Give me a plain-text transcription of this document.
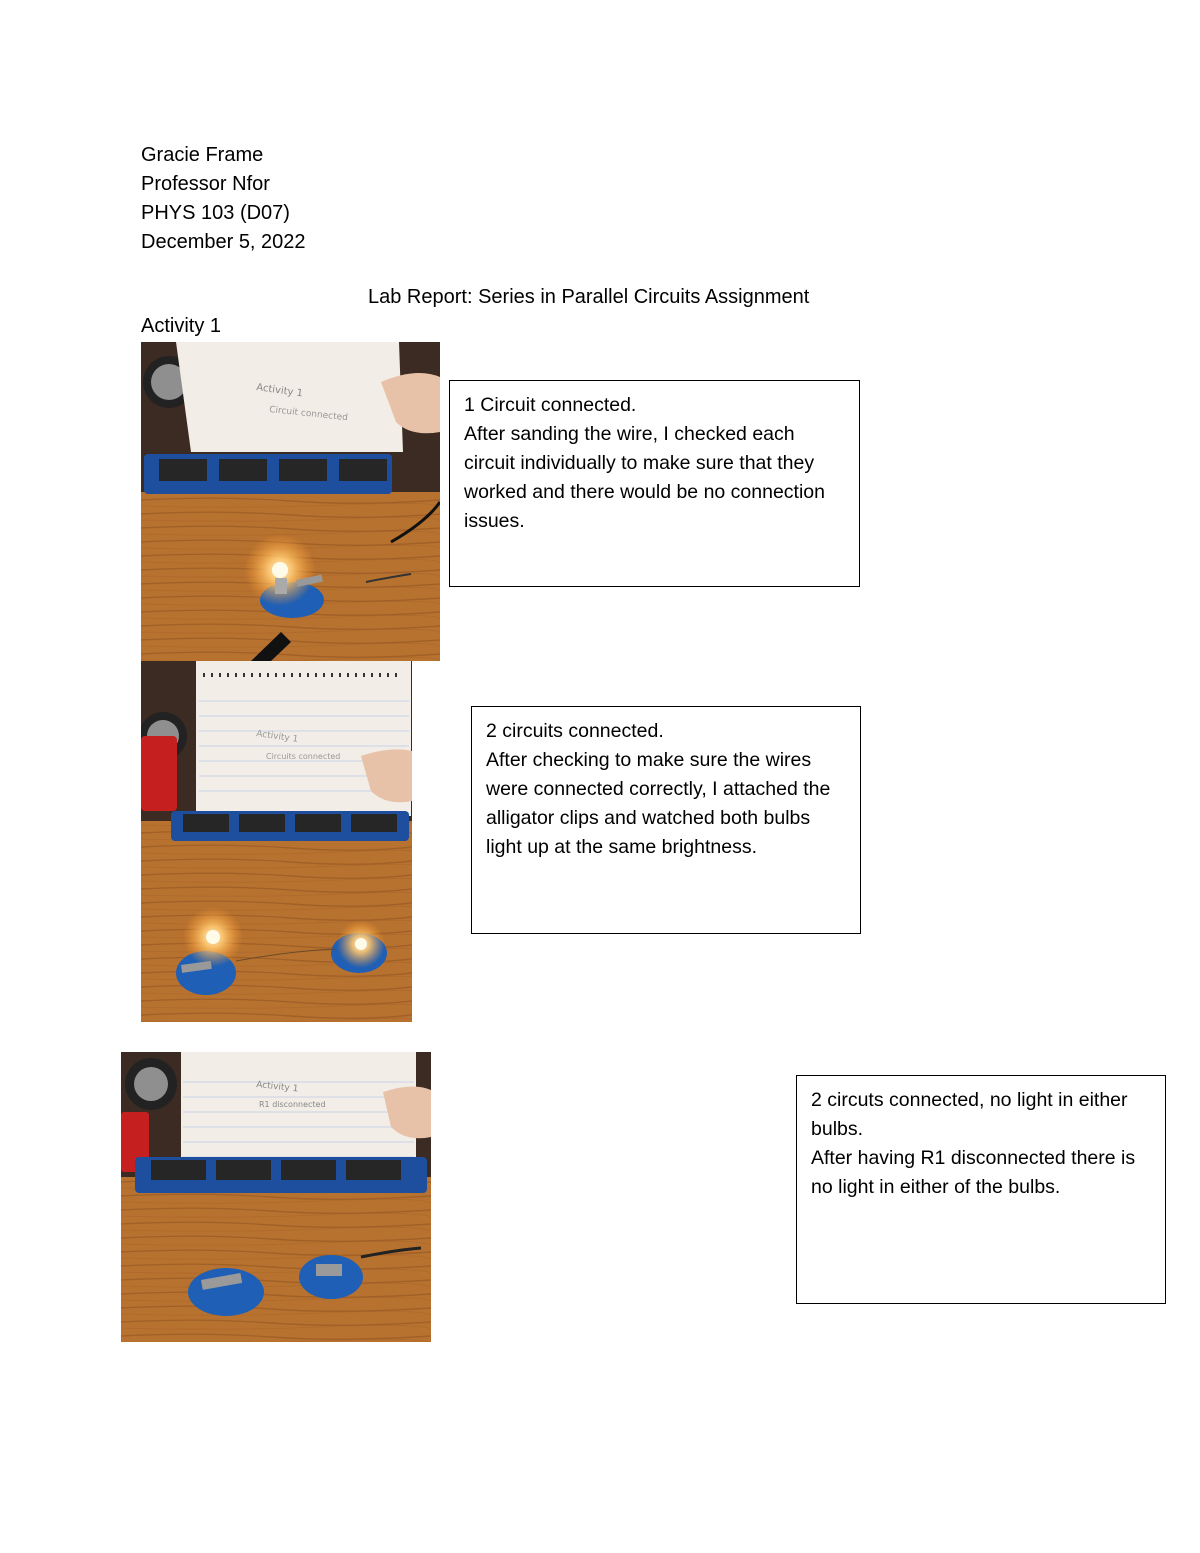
Gracie Frame
Professor Nfor
PHYS 103 (D07)
December 5, 2022
Lab Report: Series in Parallel Circuits Assignment
Activity 1
Activity 1
Circuit connected	1 Circuit connected.

After sanding the wire, I checked each circuit individually to make sure that they worked and there would be no connection issues.

Activity 1
Circuits connected

2 circuits connected.

After checking to make sure the wires were connected correctly, I attached the alligator clips and watched both bulbs light up at the same brightness.

Activity 1
R1 disconnected	2 circuts connected, no light in either bulbs.

After having R1 disconnected there is no light in either of the bulbs.
